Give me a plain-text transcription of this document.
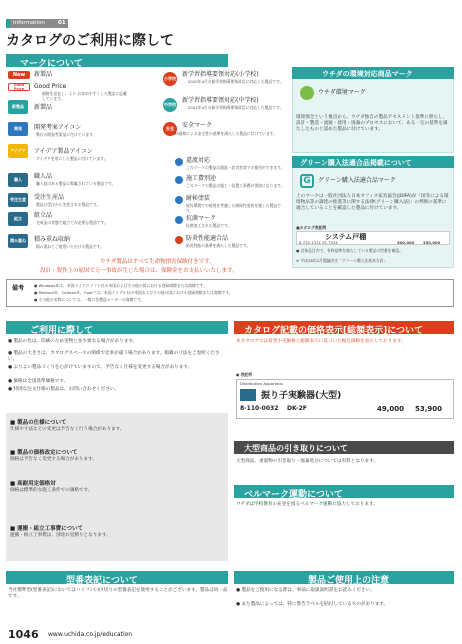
Information 01
カタログのご利用に際して
マークについて
New	新製品
Good Price	Good Price
価格を見直し、より お求めやすくした製品に記載しています。
新製品	新製品
開発	開発考案アイコン
弊社の開発考案品に付けています。
アイデア	アイデア製品アイコン
アイデアを形にした製品に付けています。
職人	職人品
職人技のある製品に掲載されている製品です。
受注生産	受注生産品
製品は受注から生産される製品です。
組立	組立品
完成品の状態で組立てが必要な製品です。
積み重ね	積み重ね収納
積み重ねてご使用いただける製品です。
小学校
新学習指導要領対応(小学校)
2020年4月の新学習指導要領改訂に対応した製品です。
中学校
新学習指導要領対応(中学校)
2021年4月の新学習指導要領改訂に対応した製品です。
安全	安全マーク
JIS規格による安全性の基準を満たした製品に付けています。
還流対応
このマークの製品は還流・給食室等での使用ができます。
施工費別途
このマークの製品は施工・設置工事費が別途になります。
耐候塗装
屋外環境での使用を考慮した耐候性塗装を施した製品です。
抗菌マーク
抗菌加工された製品です。
防炎性能適合品
防炎性能の基準を満たした製品です。
ウチダの環境対応商品マーク
ウチダ環境マーク
環境保全という視点から、ウチダ独自の製品アセスメント基準に照らし、設計・製造・流通・使用・廃棄のプロセスにおいて、ある一定の基準を満たしたものと認めた製品に付けています。
グリーン購入法適合品掲載について
G	グリーン購入法適合品マーク
上のマークは一般社団法人日本オフィス家具協会(JOIFA)が「国等による環境物品等の調達の推進等に関する法律(グリーン購入法)」の判断の基準に適合していることを確認した製品に付けています。
■カタログ表記例
システム戸棚
8-722-1331 ST-7534	300,000 330,000
● 対象品目内で、有料基準を満たしている製品の型番を確認。
※ 平成28年2月閣議決定「グリーン購入法基本方針」
ウチダ製品はすべて生命物損害保険付きです。
設計・製作上の原因で万一事故が生じた場合は、保険金をお支払いいたします。
備考	● Windows®は、米国マイクロソフト社の米国およびその他の国における登録商標または商標です。
● Pentium®、Celeron®、Core™は、米国インテル社の米国およびその他の国における登録商標または商標です。
● その他の名称については、一般に各製造メーカーの商標です。
ご利用に際して
● 製品の色は、印刷のため実物と多少異なる場合があります。
● 製品の大きさは、カタログスペースの関係で比率が違う場合があります。掲載の寸法をご参照ください。
● よりよい製品づくりを心がけていますので、予告なく仕様を変更する場合があります。
● 価格は全国基準価格です。
● 特別な注文仕様の製品は、お問い合わせください。
■ 製品の仕様について
仕様や寸法などの変更は予告なく行う場合があります。
■ 製品の価格改定について
価格は予告なく変更する場合があります。
■ 高耐用定価格対
価格は標準的な施工条件での価格です。
■ 運搬・組立工事費について
運搬・組立工事費は、別途お見積りとなります。
型番表記について
当社標準型(型番表記)においてはハイフン(-)区切りの型番表記を使用することがございます。製品は同一品です。
カタログ記載の価格表示[総額表示]について
本カタログでは希望小売価格と総額表示に基づいた税込価格を表示しております。
● 表記例
Distribution Apparatus
振り子実験器(大型)
8-110-0032 DK-2F	49,000 53,900
大型商品の引き取りについて
大型商品、重量物の引き取り・廃棄処分については有料となります。
ベルマーク運動について
ウチダは学校教育の充実を図るベルマーク運動に協力しております。
製品ご使用上の注意
● 製品をご使用になる際は、事前に取扱説明書をお読みください。
● また製品によっては、特に警告ラベルを貼付しているものがあります。
1046 www.uchida.co.jp/education
